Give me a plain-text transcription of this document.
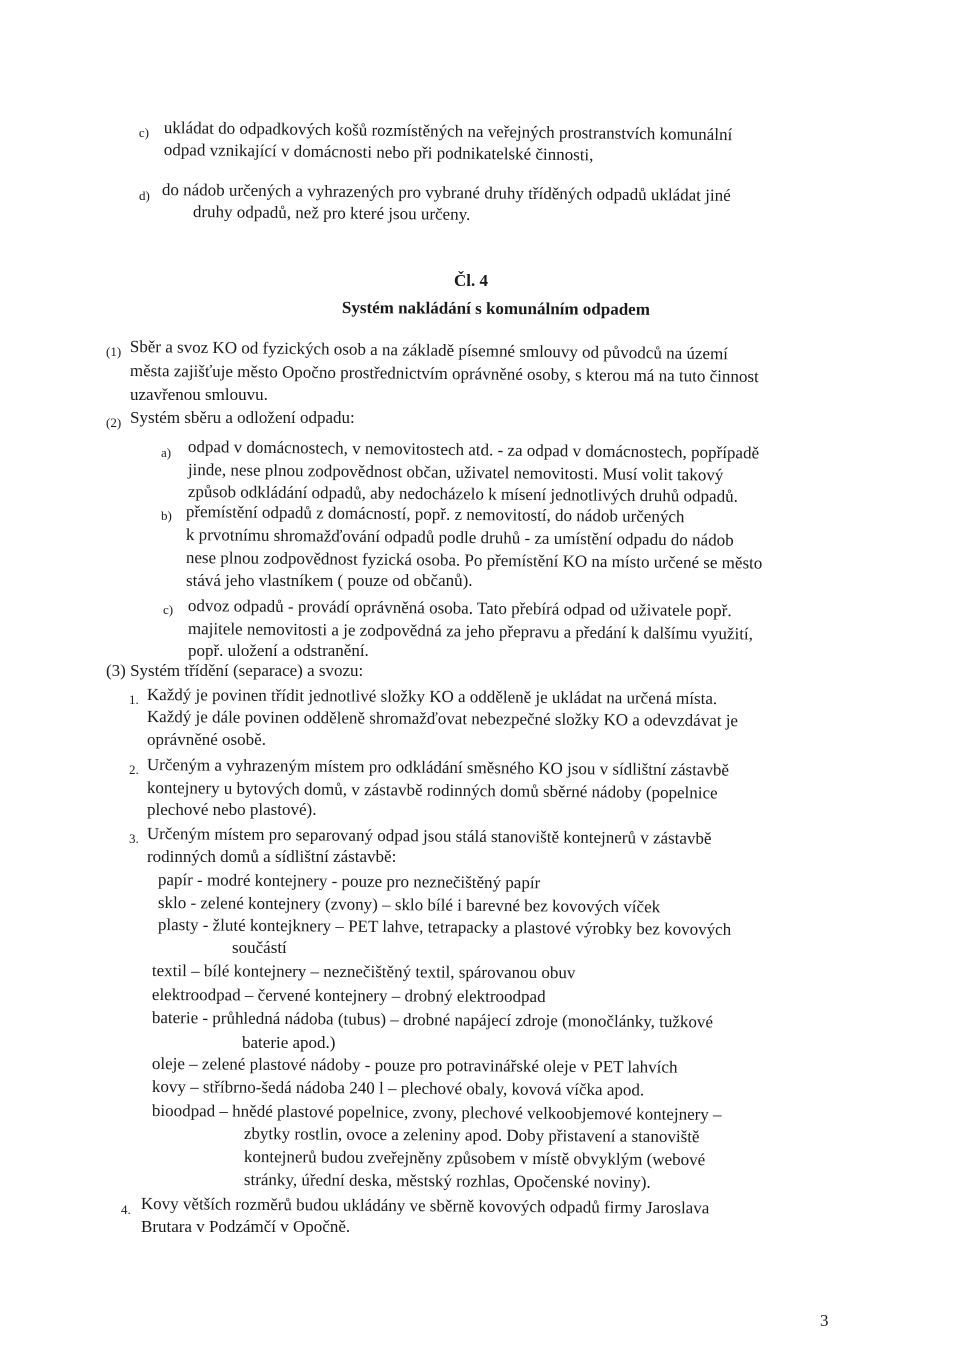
c) ukládat do odpadkových košů rozmístěných na veřejných prostranstvích komunální
odpad vznikající v domácnosti nebo při podnikatelské činnosti,
d) do nádob určených a vyhrazených pro vybrané druhy tříděných odpadů ukládat jiné
druhy odpadů, než pro které jsou určeny.
Čl. 4
Systém nakládání s komunálním odpadem
(1) Sběr a svoz KO od fyzických osob a na základě písemné smlouvy od původců na území
města zajišťuje město Opočno prostřednictvím oprávněné osoby, s kterou má na tuto činnost
uzavřenou smlouvu.
(2) Systém sběru a odložení odpadu:
a) odpad v domácnostech, v nemovitostech atd. - za odpad v domácnostech, popřípadě
jinde, nese plnou zodpovědnost občan, uživatel nemovitosti. Musí volit takový
způsob odkládání odpadů, aby nedocházelo k mísení jednotlivých druhů odpadů.
b) přemístění odpadů z domácností, popř. z nemovitostí, do nádob určených
k prvotnímu shromažďování odpadů podle druhů - za umístění odpadu do nádob
nese plnou zodpovědnost fyzická osoba. Po přemístění KO na místo určené se město
stává jeho vlastníkem ( pouze od občanů).
c) odvoz odpadů - provádí oprávněná osoba. Tato přebírá odpad od uživatele popř.
majitele nemovitosti a je zodpovědná za jeho přepravu a předání k dalšímu využití,
popř. uložení a odstranění.
(3) Systém třídění (separace) a svozu:
1. Každý je povinen třídit jednotlivé složky KO a odděleně je ukládat na určená místa.
Každý je dále povinen odděleně shromažďovat nebezpečné složky KO a odevzdávat je
oprávněné osobě.
2. Určeným a vyhrazeným místem pro odkládání směsného KO jsou v sídlištní zástavbě
kontejnery u bytových domů, v zástavbě rodinných domů sběrné nádoby (popelnice
plechové nebo plastové).
3. Určeným místem pro separovaný odpad jsou stálá stanoviště kontejnerů v zástavbě
rodinných domů a sídlištní zástavbě:
papír - modré kontejnery - pouze pro neznečištěný papír
sklo - zelené kontejnery (zvony) – sklo bílé i barevné bez kovových víček
plasty - žluté kontejknery – PET lahve, tetrapacky a plastové výrobky bez kovových
součástí
textil – bílé kontejnery – neznečištěný textil, spárovanou obuv
elektroodpad – červené kontejnery – drobný elektroodpad
baterie - průhledná nádoba (tubus) – drobné napájecí zdroje (monočlánky, tužkové
baterie apod.)
oleje – zelené plastové nádoby - pouze pro potravinářské oleje v PET lahvích
kovy – stříbrno-šedá nádoba 240 l – plechové obaly, kovová víčka apod.
bioodpad – hnědé plastové popelnice, zvony, plechové velkoobjemové kontejnery –
zbytky rostlin, ovoce a zeleniny apod. Doby přistavení a stanoviště
kontejnerů budou zveřejněny způsobem v místě obvyklým (webové
stránky, úřední deska, městský rozhlas, Opočenské noviny).
4. Kovy větších rozměrů budou ukládány ve sběrně kovových odpadů firmy Jaroslava
Brutara v Podzámčí v Opočně.
3
